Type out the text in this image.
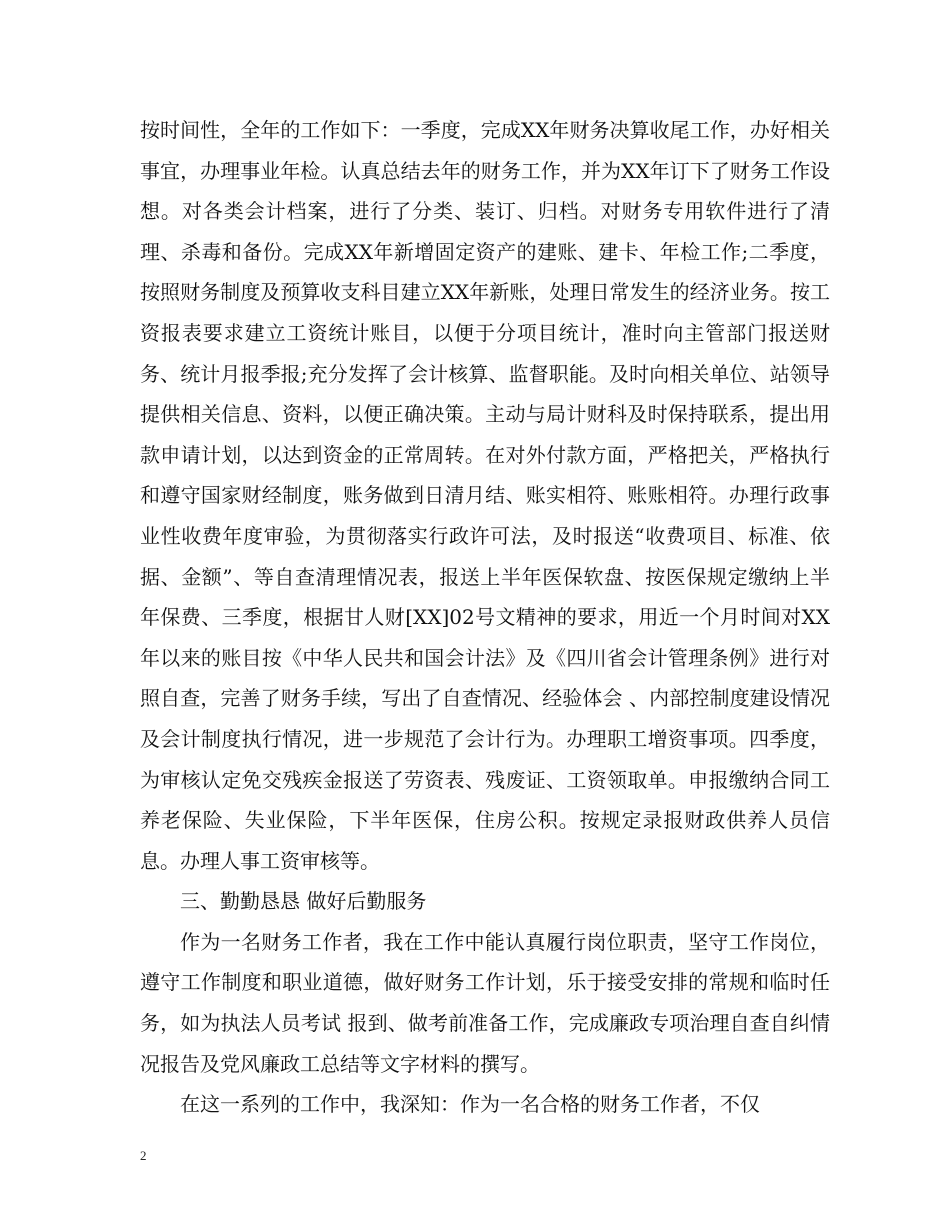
按时间性，全年的工作如下：一季度，完成XX年财务决算收尾工作，办好相关事宜，办理事业年检。认真总结去年的财务工作，并为XX年订下了财务工作设想。对各类会计档案，进行了分类、装订、归档。对财务专用软件进行了清理、杀毒和备份。完成XX年新增固定资产的建账、建卡、年检工作;二季度，按照财务制度及预算收支科目建立XX年新账，处理日常发生的经济业务。按工资报表要求建立工资统计账目，以便于分项目统计，准时向主管部门报送财务、统计月报季报;充分发挥了会计核算、监督职能。及时向相关单位、站领导提供相关信息、资料，以便正确决策。主动与局计财科及时保持联系，提出用款申请计划，以达到资金的正常周转。在对外付款方面，严格把关，严格执行和遵守国家财经制度，账务做到日清月结、账实相符、账账相符。办理行政事业性收费年度审验，为贯彻落实行政许可法，及时报送“收费项目、标准、依据、金额”、等自查清理情况表，报送上半年医保软盘、按医保规定缴纳上半年保费、三季度，根据甘人财[XX]02号文精神的要求，用近一个月时间对XX年以来的账目按《中华人民共和国会计法》及《四川省会计管理条例》进行对照自查，完善了财务手续，写出了自查情况、经验体会 、内部控制度建设情况及会计制度执行情况，进一步规范了会计行为。办理职工增资事项。四季度，为审核认定免交残疾金报送了劳资表、残废证、工资领取单。申报缴纳合同工养老保险、失业保险，下半年医保，住房公积。按规定录报财政供养人员信息。办理人事工资审核等。

三、勤勤恳恳 做好后勤服务

作为一名财务工作者，我在工作中能认真履行岗位职责，坚守工作岗位，遵守工作制度和职业道德，做好财务工作计划，乐于接受安排的常规和临时任务，如为执法人员考试 报到、做考前准备工作，完成廉政专项治理自查自纠情况报告及党风廉政工总结等文字材料的撰写。

在这一系列的工作中，我深知：作为一名合格的财务工作者，不仅

2
